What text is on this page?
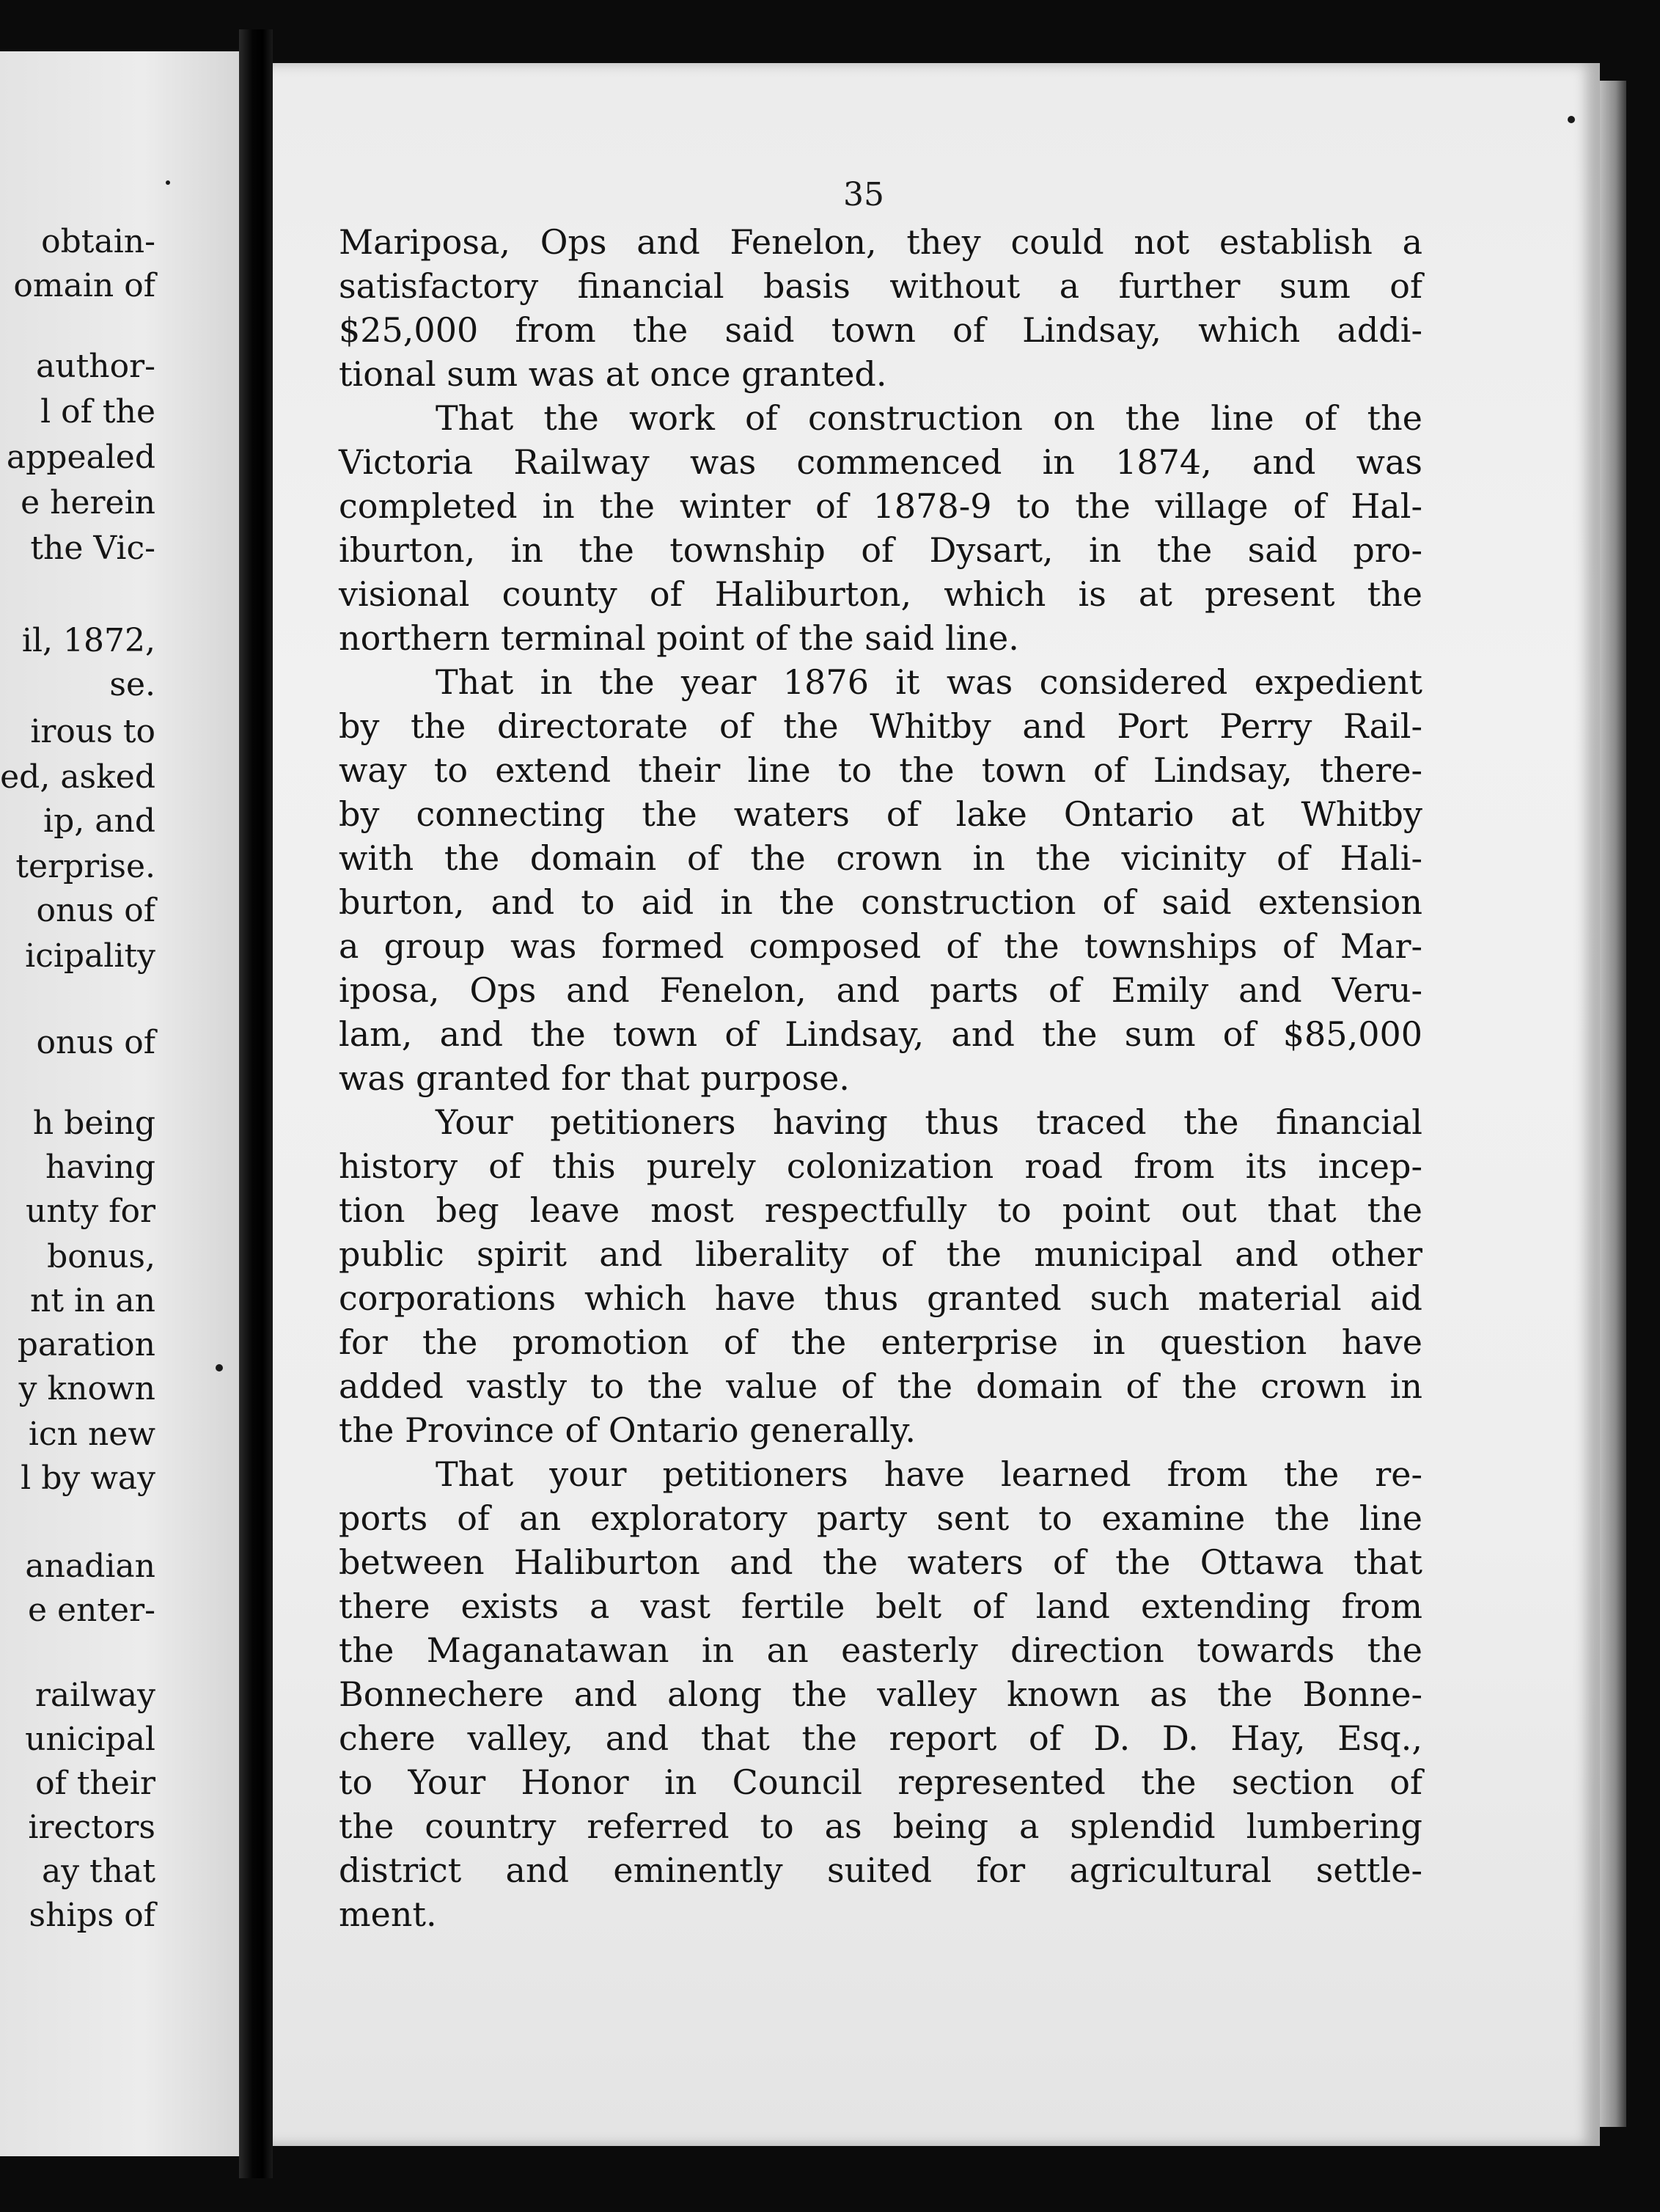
obtain-
omain of
author-
l of the
appealed
e herein
the Vic-
il, 1872,
se.
irous to
ed, asked
ip, and
terprise.
onus of
icipality
onus of
h being
having
unty for
bonus,
nt in an
paration
y known
icn new
l by way
anadian
e enter-
railway
unicipal
of their
irectors
ay that
ships of
35
Mariposa, Ops and Fenelon, they could not establish a
satisfactory financial basis without a further sum of
$25,000 from the said town of Lindsay, which addi-
tional sum was at once granted.
That the work of construction on the line of the
Victoria Railway was commenced in 1874, and was
completed in the winter of 1878-9 to the village of Hal-
iburton, in the township of Dysart, in the said pro-
visional county of Haliburton, which is at present the
northern terminal point of the said line.
That in the year 1876 it was considered expedient
by the directorate of the Whitby and Port Perry Rail-
way to extend their line to the town of Lindsay, there-
by connecting the waters of lake Ontario at Whitby
with the domain of the crown in the vicinity of Hali-
burton, and to aid in the construction of said extension
a group was formed composed of the townships of Mar-
iposa, Ops and Fenelon, and parts of Emily and Veru-
lam, and the town of Lindsay, and the sum of $85,000
was granted for that purpose.
Your petitioners having thus traced the financial
history of this purely colonization road from its incep-
tion beg leave most respectfully to point out that the
public spirit and liberality of the municipal and other
corporations which have thus granted such material aid
for the promotion of the enterprise in question have
added vastly to the value of the domain of the crown in
the Province of Ontario generally.
That your petitioners have learned from the re-
ports of an exploratory party sent to examine the line
between Haliburton and the waters of the Ottawa that
there exists a vast fertile belt of land extending from
the Maganatawan in an easterly direction towards the
Bonnechere and along the valley known as the Bonne-
chere valley, and that the report of D. D. Hay, Esq.,
to Your Honor in Council represented the section of
the country referred to as being a splendid lumbering
district and eminently suited for agricultural settle-
ment.
